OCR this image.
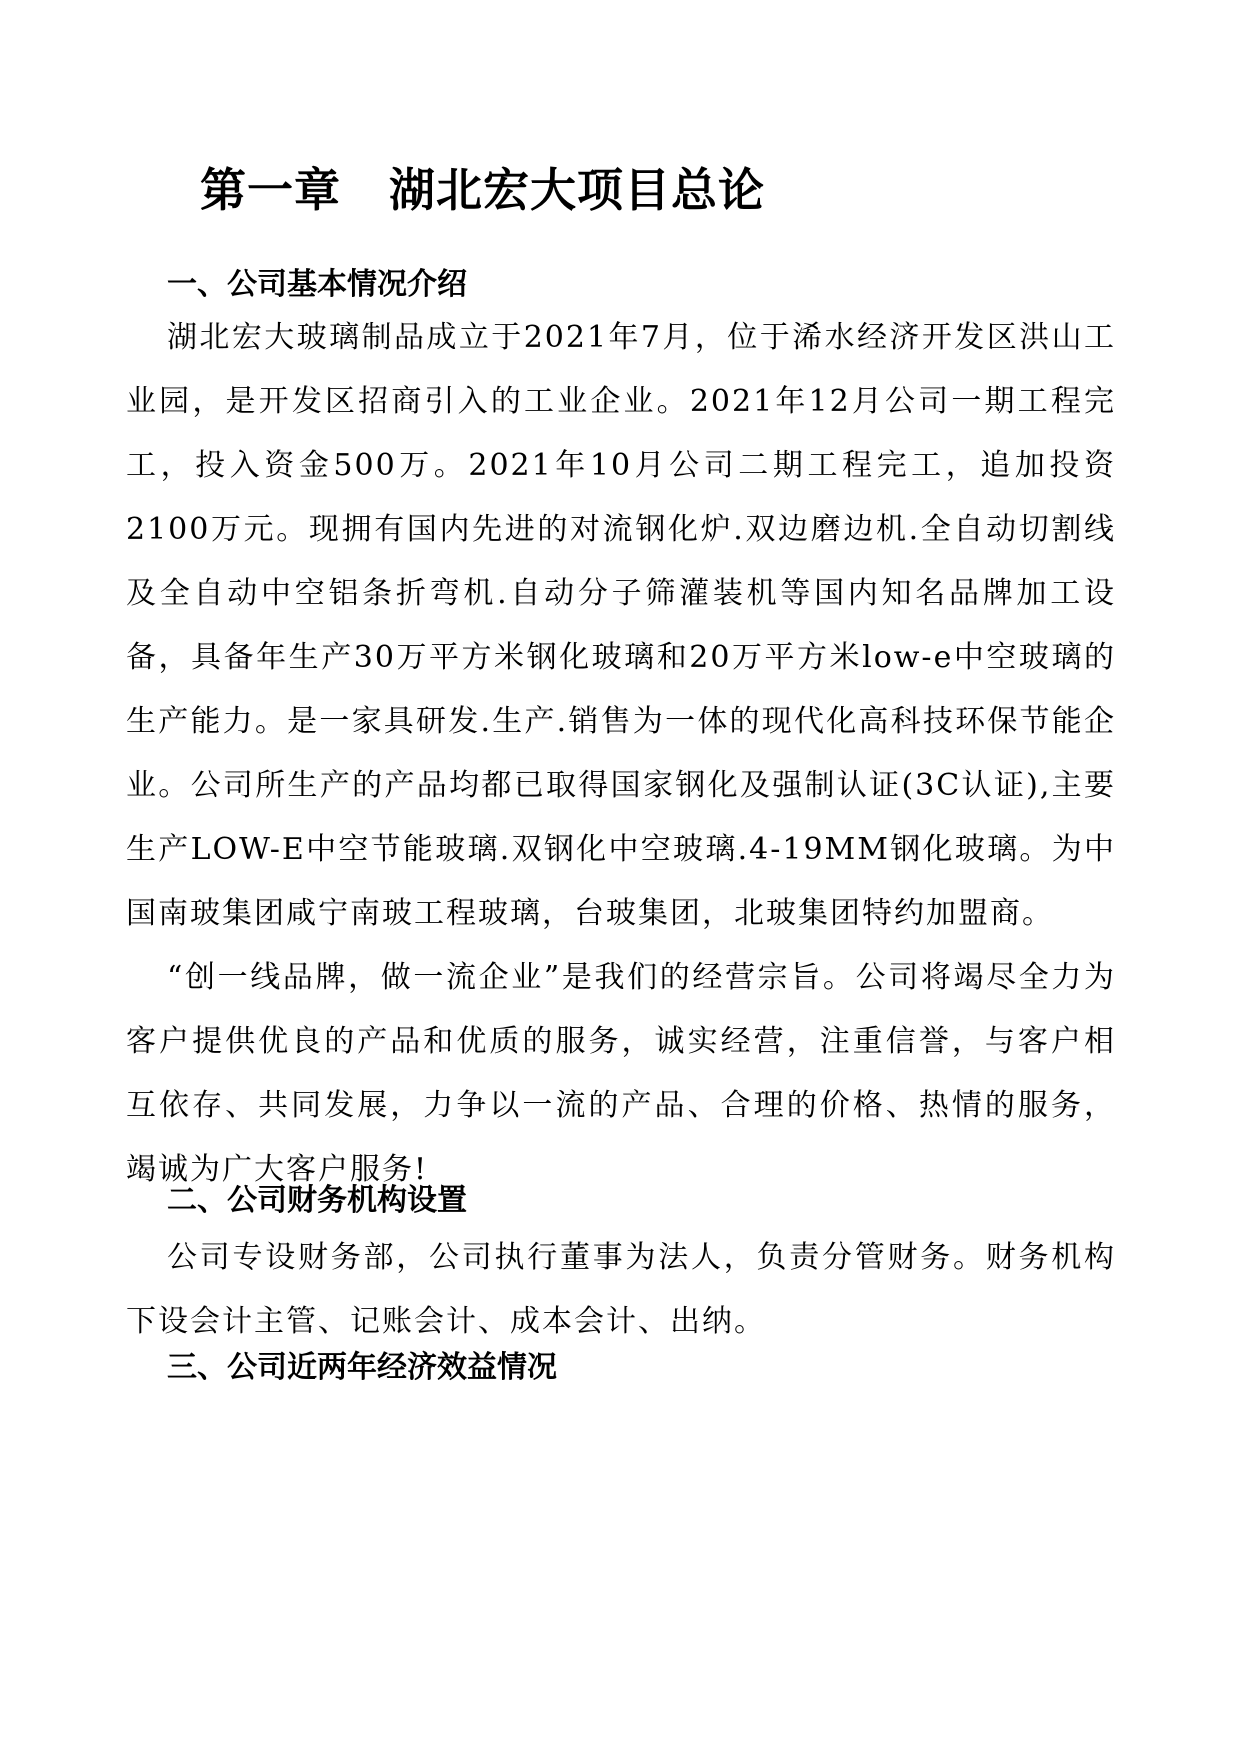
第一章 湖北宏大项目总论
一、公司基本情况介绍

湖北宏大玻璃制品成立于2021年7月，位于浠水经济开发区洪山工业园，是开发区招商引入的工业企业。2021年12月公司一期工程完工，投入资金500万。2021年10月公司二期工程完工，追加投资2100万元。现拥有国内先进的对流钢化炉.双边磨边机.全自动切割线及全自动中空铝条折弯机.自动分子筛灌装机等国内知名品牌加工设备，具备年生产30万平方米钢化玻璃和20万平方米low-e中空玻璃的生产能力。是一家具研发.生产.销售为一体的现代化高科技环保节能企业。公司所生产的产品均都已取得国家钢化及强制认证(3C认证),主要生产LOW-E中空节能玻璃.双钢化中空玻璃.4-19MM钢化玻璃。为中国南玻集团咸宁南玻工程玻璃，台玻集团，北玻集团特约加盟商。

“创一线品牌，做一流企业”是我们的经营宗旨。公司将竭尽全力为客户提供优良的产品和优质的服务，诚实经营，注重信誉，与客户相互依存、共同发展，力争以一流的产品、合理的价格、热情的服务，竭诚为广大客户服务!

二、公司财务机构设置

公司专设财务部，公司执行董事为法人，负责分管财务。财务机构下设会计主管、记账会计、成本会计、出纳。

三、公司近两年经济效益情况
